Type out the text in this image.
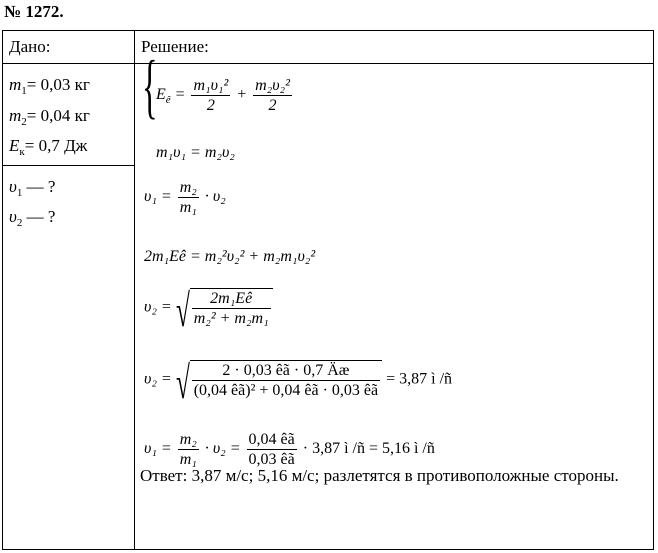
№ 1272.
Дано:	Решение:
$m_1= 0,03$ кг
$m_2= 0,04$ кг
$E_к= 0,7$ Дж
$\upsilon_1$ — ?
$\upsilon_2$ — ?
{
$E_ê = \frac{\text{m₁υ₁²}}{2} + \frac{\text{m₂υ₂²}}{2}$
m₁υ₁ = m₂υ₂
$\upsilon_1 = \frac{\text{m₂}}{\text{m₁}} \cdot \upsilon_2$
2m₁Eê = m₂²υ₂² + m₂m₁υ₂²
υ₂ = √ $\frac{\text{2m₁Eê}}{\text{m₂² + m₂m₁}}$
υ₂ = √ $\frac{2 \cdot 0,03 êã \cdot 0,7 Äæ}{\text{(0,04 êã)² + 0,04 êã · 0,03 êã}} = 3,87$ ì /ñ
$\upsilon_1 = \frac{\text{m₂}}{\text{m₁}} \cdot \upsilon_2 = \frac{0,04 êã}{0,03 êã} \cdot 3,87$ ì /ñ = 5,16 ì /ñ
Ответ: 3,87 м/с; 5,16 м/с; разлетятся в противоположные стороны.
